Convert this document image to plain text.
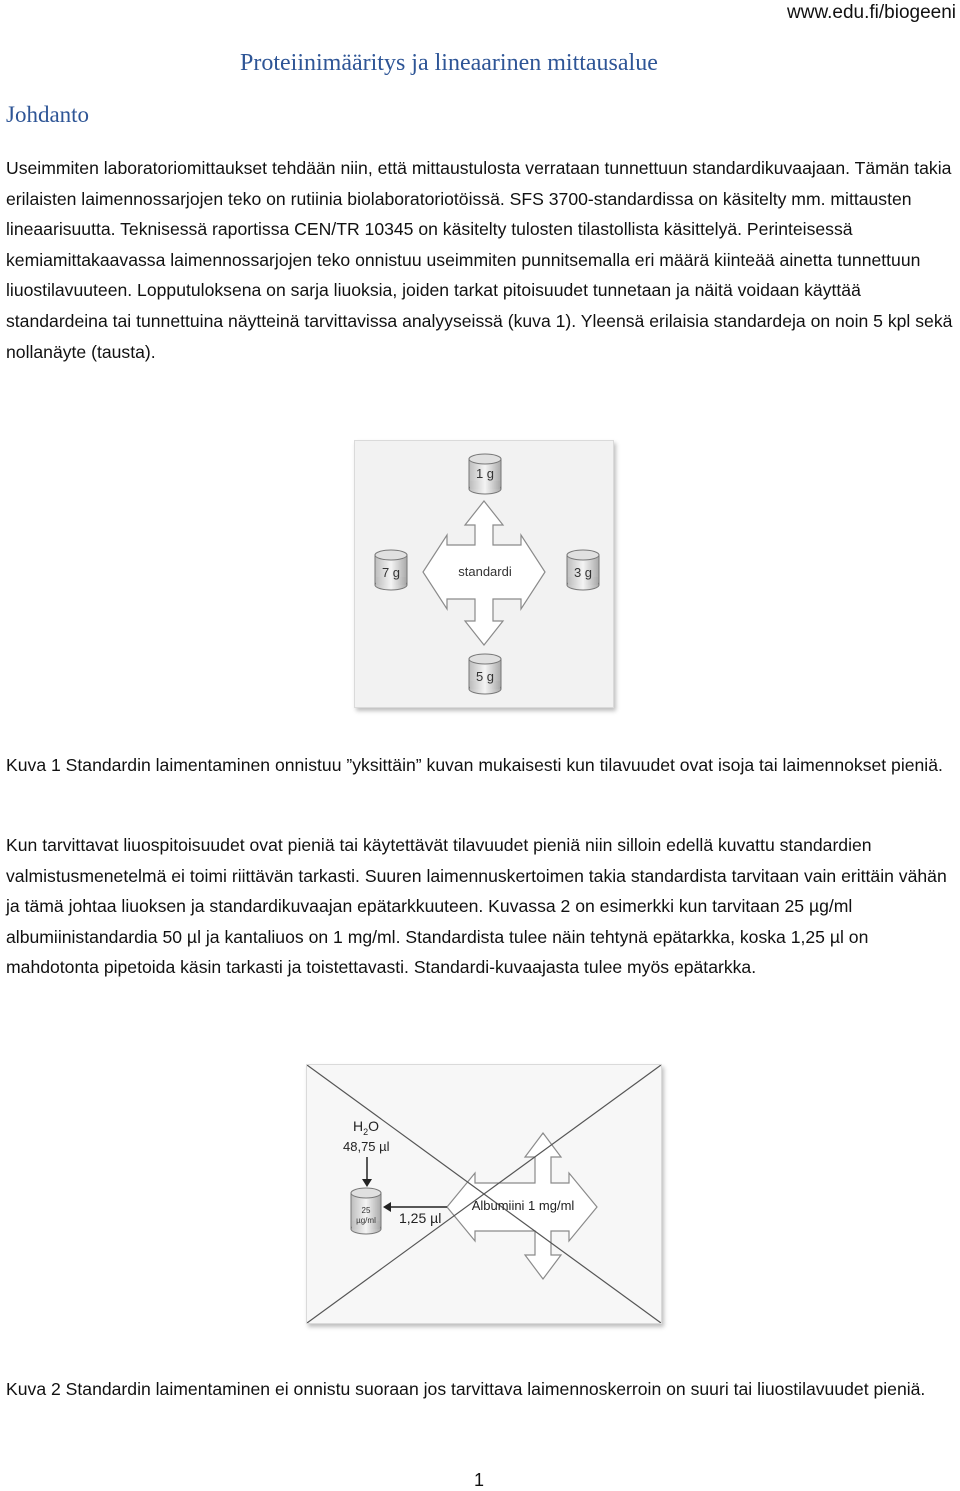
www.edu.fi/biogeeni
Proteiinimääritys ja lineaarinen mittausalue
Johdanto
Useimmiten laboratoriomittaukset tehdään niin, että mittaustulosta verrataan tunnettuun standardikuvaajaan. Tämän takia erilaisten laimennossarjojen teko on rutiinia biolaboratoriotöissä. SFS 3700-standardissa on käsitelty mm. mittausten lineaarisuutta. Teknisessä raportissa CEN/TR 10345 on käsitelty tulosten tilastollista käsittelyä. Perinteisessä kemiamittakaavassa laimennossarjojen teko onnistuu useimmiten punnitsemalla eri määrä kiinteää ainetta tunnettuun liuostilavuuteen. Lopputuloksena on sarja liuoksia, joiden tarkat pitoisuudet tunnetaan ja näitä voidaan käyttää standardeina tai tunnettuina näytteinä tarvittavissa analyyseissä (kuva 1). Yleensä erilaisia standardeja on noin 5 kpl sekä nollanäyte (tausta).
1 g
7 g	3 g
5 g
standardi
Kuva 1 Standardin laimentaminen onnistuu ”yksittäin” kuvan mukaisesti kun tilavuudet ovat isoja tai laimennokset pieniä.
Kun tarvittavat liuospitoisuudet ovat pieniä tai käytettävät tilavuudet pieniä niin silloin edellä kuvattu standardien valmistusmenetelmä ei toimi riittävän tarkasti. Suuren laimennuskertoimen takia standardista tarvitaan vain erittäin vähän ja tämä johtaa liuoksen ja standardikuvaajan epätarkkuuteen. Kuvassa 2 on esimerkki kun tarvitaan 25 µg/ml albumiinistandardia 50 µl ja kantaliuos on 1 mg/ml. Standardista tulee näin tehtynä epätarkka, koska 1,25 µl on mahdotonta pipetoida käsin tarkasti ja toistettavasti. Standardi-kuvaajasta tulee myös epätarkka.
$H_2O$
48,75 µl
25
µg/ml 1,25 µl
Albumiini 1 mg/ml
Kuva 2 Standardin laimentaminen ei onnistu suoraan jos tarvittava laimennoskerroin on suuri tai liuostilavuudet pieniä.
1
